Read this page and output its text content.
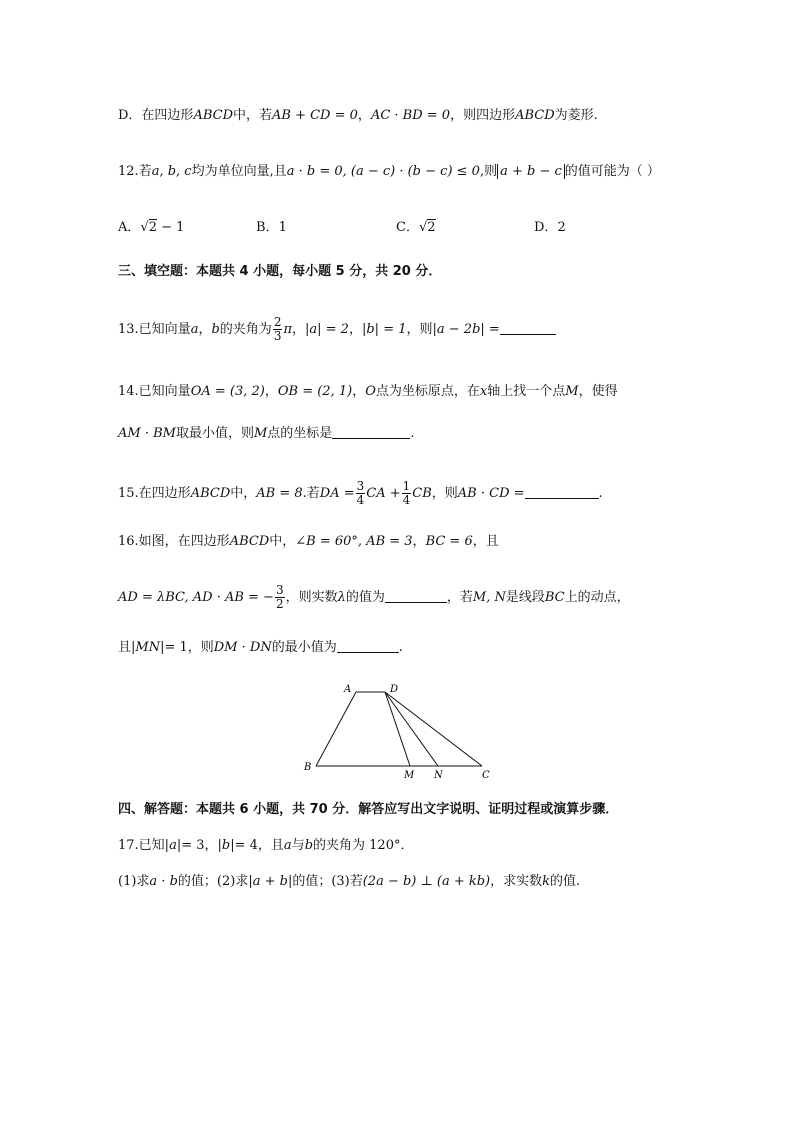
D．在四边形ABCD中，若AB + CD = 0，AC · BD = 0，则四边形ABCD为菱形.
12.若a, b, c均为单位向量,且a · b = 0, (a − c) · (b − c) ≤ 0,则 a + b − c 的值可能为（ ）
A．√2 − 1	B．1	C．√2	D．2
三、填空题：本题共 4 小题，每小题 5 分，共 20 分．
13.已知向量a，b的夹角为 $\frac{2}{3}$ π，|a| = 2，|b| = 1，则|a − 2b| =
14.已知向量OA = (3, 2)，OB = (2, 1)，O点为坐标原点，在x轴上找一个点M，使得
AM · BM取最小值，则M点的坐标是	.
15.在四边形ABCD中，AB = 8.若DA = $\frac{3}{4}$ CA + $\frac{1}{4}$ CB，则AB · CD =	.
16.如图，在四边形ABCD中，∠B = 60°, AB = 3，BC = 6，且
AD = λBC, AD · AB = − $\frac{3}{2}$ ，则实数λ的值为	，若M, N是线段BC上的动点，
且|MN|= 1，则DM · DN的最小值为	.
A	D
B
M N	C
四、解答题：本题共 6 小题，共 70 分．解答应写出文字说明、证明过程或演算步骤．
17.已知|a|= 3，|b|= 4，且a与b的夹角为 120°．
(1)求a · b的值；(2)求|a + b|的值；(3)若(2a − b) ⊥ (a + kb)，求实数k的值.
